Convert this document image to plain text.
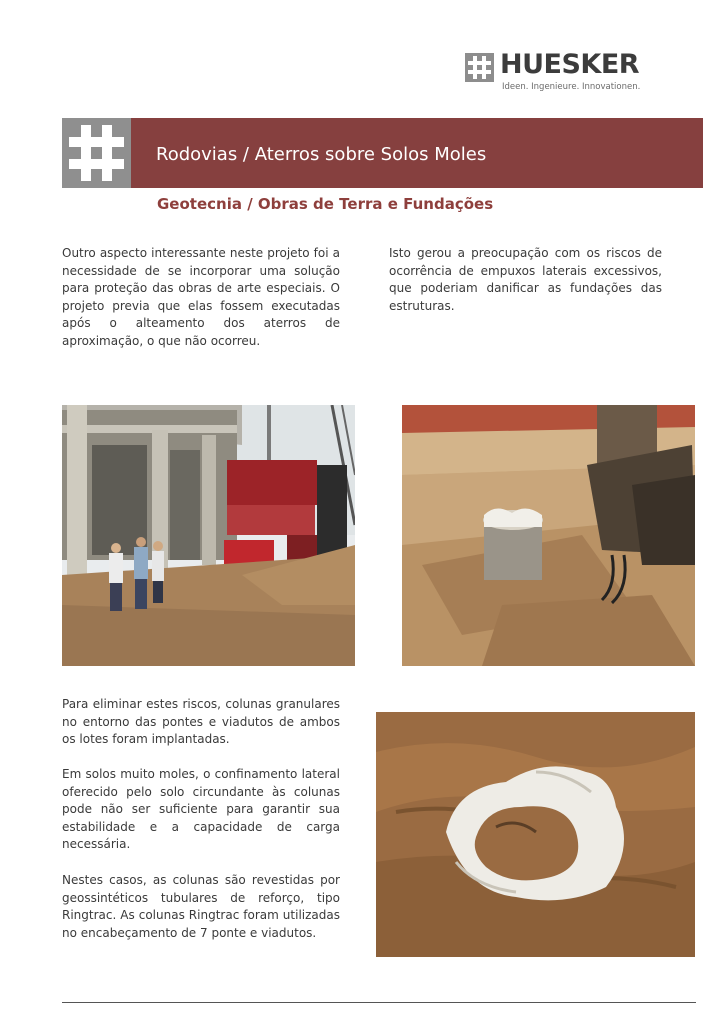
HUESKER
Ideen. Ingenieure. Innovationen.
Rodovias / Aterros sobre Solos Moles
Geotecnia / Obras de Terra e Fundações

Outro aspecto interessante neste projeto foi a necessidade de se incorporar uma solução para proteção das obras de arte especiais. O projeto previa que elas fossem executadas após o alteamento dos aterros de aproximação, o que não ocorreu.

Isto gerou a preocupação com os riscos de ocorrência de empuxos laterais excessivos, que poderiam danificar as fundações das estruturas.

Para eliminar estes riscos, colunas granulares no entorno das pontes e viadutos de ambos os lotes foram implantadas.

Em solos muito moles, o confinamento lateral oferecido pelo solo circundante às colunas pode não ser suficiente para garantir sua estabilidade e a capacidade de carga necessária.

Nestes casos, as colunas são revestidas por geossintéticos tubulares de reforço, tipo Ringtrac. As colunas Ringtrac foram utilizadas no encabeçamento de 7 ponte e viadutos.
